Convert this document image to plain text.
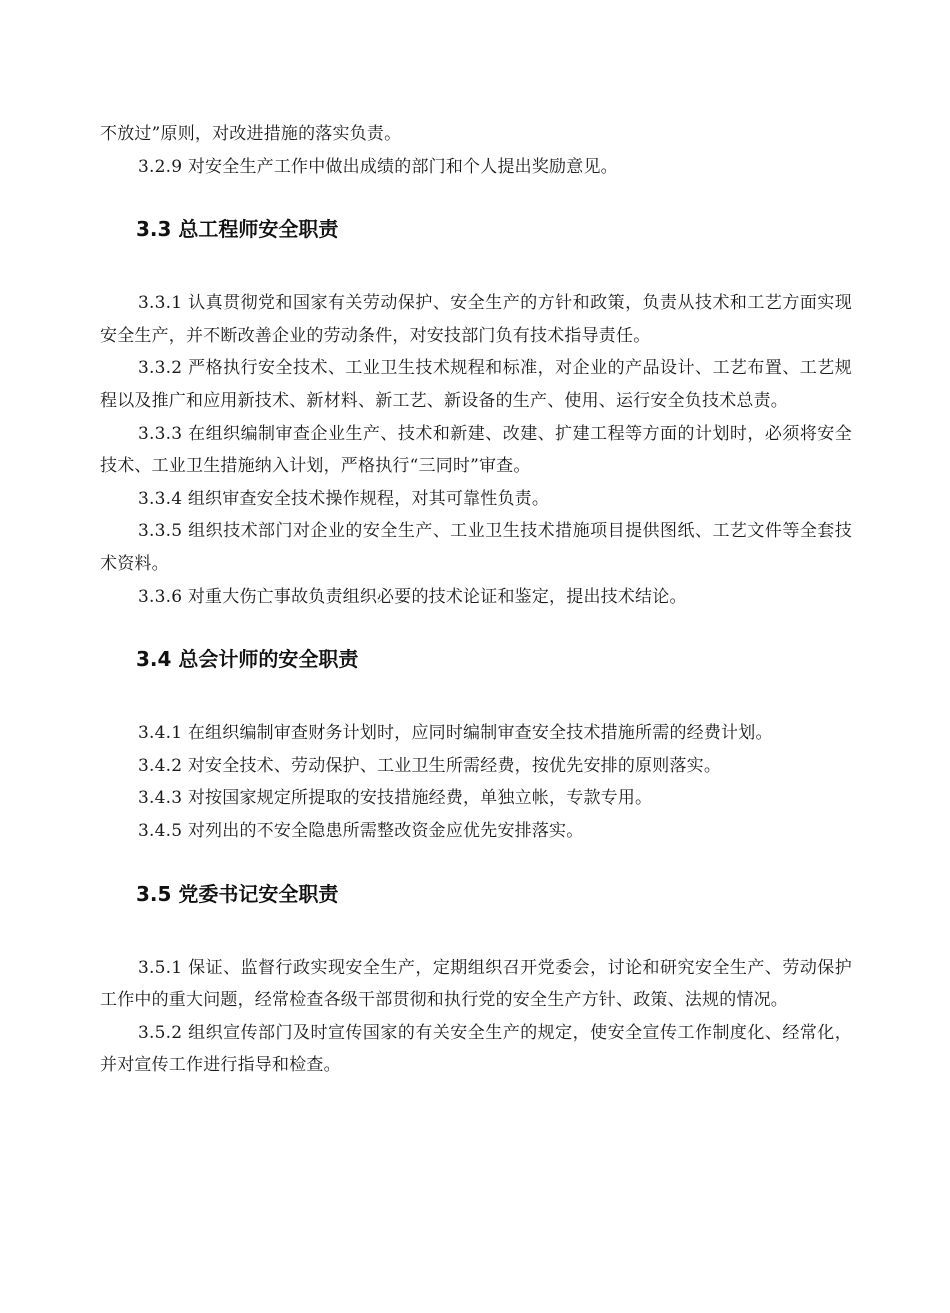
不放过”原则，对改进措施的落实负责。

3.2.9 对安全生产工作中做出成绩的部门和个人提出奖励意见。

3.3 总工程师安全职责

3.3.1 认真贯彻党和国家有关劳动保护、安全生产的方针和政策，负责从技术和工艺方面实现安全生产，并不断改善企业的劳动条件，对安技部门负有技术指导责任。

3.3.2 严格执行安全技术、工业卫生技术规程和标准，对企业的产品设计、工艺布置、工艺规程以及推广和应用新技术、新材料、新工艺、新设备的生产、使用、运行安全负技术总责。

3.3.3 在组织编制审查企业生产、技术和新建、改建、扩建工程等方面的计划时，必须将安全技术、工业卫生措施纳入计划，严格执行“三同时”审查。

3.3.4 组织审查安全技术操作规程，对其可靠性负责。

3.3.5 组织技术部门对企业的安全生产、工业卫生技术措施项目提供图纸、工艺文件等全套技术资料。

3.3.6 对重大伤亡事故负责组织必要的技术论证和鉴定，提出技术结论。

3.4 总会计师的安全职责

3.4.1 在组织编制审查财务计划时，应同时编制审查安全技术措施所需的经费计划。

3.4.2 对安全技术、劳动保护、工业卫生所需经费，按优先安排的原则落实。

3.4.3 对按国家规定所提取的安技措施经费，单独立帐，专款专用。

3.4.5 对列出的不安全隐患所需整改资金应优先安排落实。

3.5 党委书记安全职责

3.5.1 保证、监督行政实现安全生产，定期组织召开党委会，讨论和研究安全生产、劳动保护工作中的重大问题，经常检查各级干部贯彻和执行党的安全生产方针、政策、法规的情况。

3.5.2 组织宣传部门及时宣传国家的有关安全生产的规定，使安全宣传工作制度化、经常化，并对宣传工作进行指导和检查。
